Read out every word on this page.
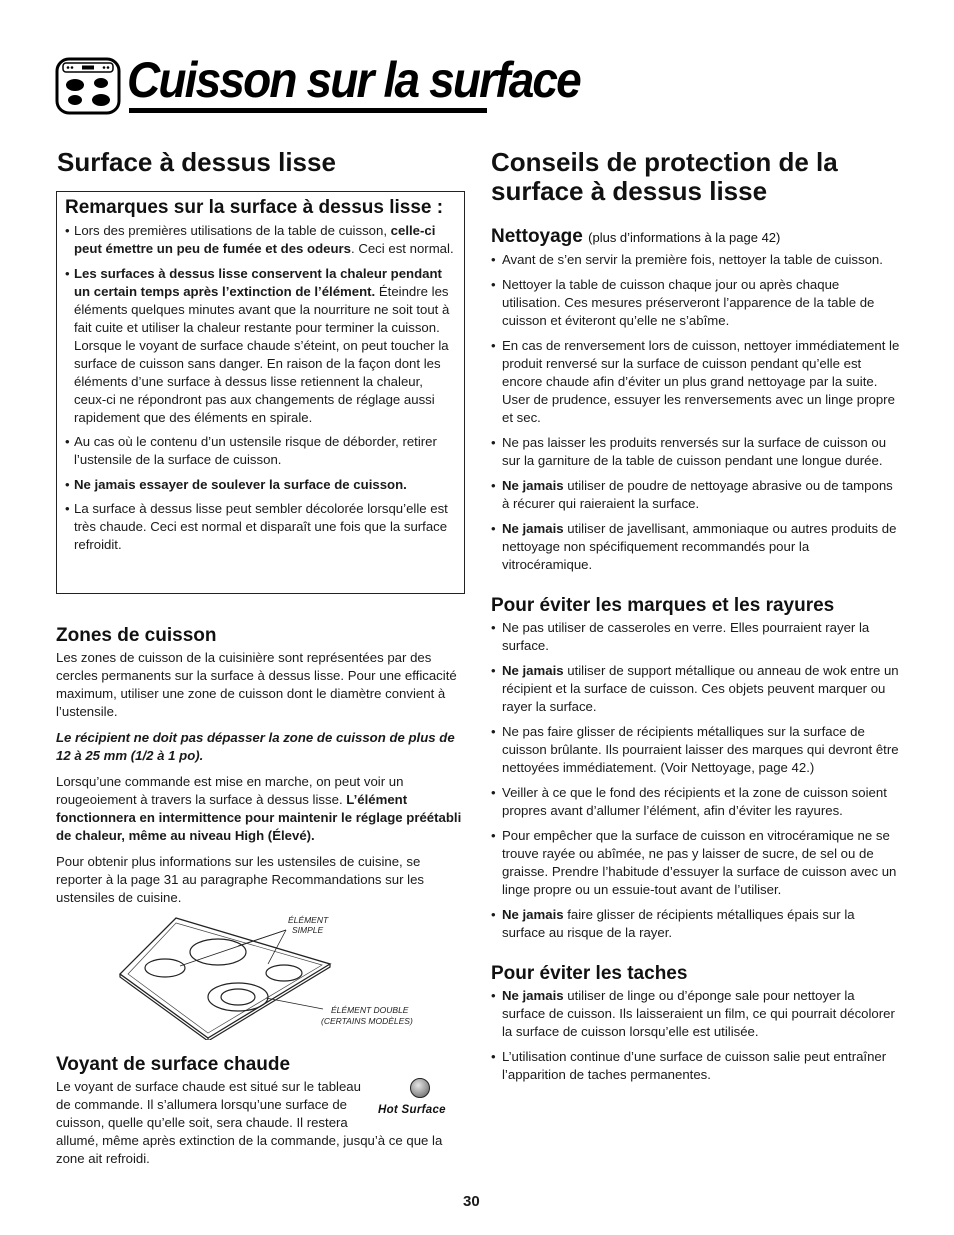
Cuisson sur la surface
Surface à dessus lisse
Remarques sur la surface à dessus lisse :
• Lors des premières utilisations de la table de cuisson, celle-ci peut émettre un peu de fumée et des odeurs. Ceci est normal.
• Les surfaces à dessus lisse conservent la chaleur pendant un certain temps après l’extinction de l’élément. Éteindre les éléments quelques minutes avant que la nourriture ne soit tout à fait cuite et utiliser la chaleur restante pour terminer la cuisson. Lorsque le voyant de surface chaude s’éteint, on peut toucher la surface de cuisson sans danger. En raison de la façon dont les éléments d’une surface à dessus lisse retiennent la chaleur, ceux-ci ne répondront pas aux changements de réglage aussi rapidement que des éléments en spirale.
• Au cas où le contenu d’un ustensile risque de déborder, retirer l’ustensile de la surface de cuisson.
• Ne jamais essayer de soulever la surface de cuisson.
• La surface à dessus lisse peut sembler décolorée lorsqu’elle est très chaude. Ceci est normal et disparaît une fois que la surface refroidit.
Zones de cuisson

Les zones de cuisson de la cuisinière sont représentées par des cercles permanents sur la surface à dessus lisse. Pour une efficacité maximum, utiliser une zone de cuisson dont le diamètre convient à l’ustensile.

Le récipient ne doit pas dépasser la zone de cuisson de plus de 12 à 25 mm (1/2 à 1 po).

Lorsqu’une commande est mise en marche, on peut voir un rougeoiement à travers la surface à dessus lisse. L’élément fonctionnera en intermittence pour maintenir le réglage préétabli de chaleur, même au niveau High (Élevé).

Pour obtenir plus informations sur les ustensiles de cuisine, se reporter à la page 31 au paragraphe Recommandations sur les ustensiles de cuisine.

ÉLÉMENT
SIMPLE
ÉLÉMENT DOUBLE
(CERTAINS MODÈLES)
Voyant de surface chaude

Le voyant de surface chaude est situé sur le tableau

de commande. Il s’allumera lorsqu’une surface de

cuisson, quelle qu’elle soit, sera chaude. Il restera

allumé, même après extinction de la commande, jusqu’à ce que la zone ait refroidi.

Hot Surface
Conseils de protection de la surface à dessus lisse
Nettoyage (plus d’informations à la page 42)
• Avant de s’en servir la première fois, nettoyer la table de cuisson.
• Nettoyer la table de cuisson chaque jour ou après chaque utilisation. Ces mesures préserveront l’apparence de la table de cuisson et éviteront qu’elle ne s’abîme.
• En cas de renversement lors de cuisson, nettoyer immédiatement le produit renversé sur la surface de cuisson pendant qu’elle est encore chaude afin d’éviter un plus grand nettoyage par la suite. User de prudence, essuyer les renversements avec un linge propre et sec.
• Ne pas laisser les produits renversés sur la surface de cuisson ou sur la garniture de la table de cuisson pendant une longue durée.
• Ne jamais utiliser de poudre de nettoyage abrasive ou de tampons à récurer qui raieraient la surface.
• Ne jamais utiliser de javellisant, ammoniaque ou autres produits de nettoyage non spécifiquement recommandés pour la vitrocéramique.
Pour éviter les marques et les rayures
• Ne pas utiliser de casseroles en verre. Elles pourraient rayer la surface.
• Ne jamais utiliser de support métallique ou anneau de wok entre un récipient et la surface de cuisson. Ces objets peuvent marquer ou rayer la surface.
• Ne pas faire glisser de récipients métalliques sur la surface de cuisson brûlante. Ils pourraient laisser des marques qui devront être nettoyées immédiatement. (Voir Nettoyage, page 42.)
• Veiller à ce que le fond des récipients et la zone de cuisson soient propres avant d’allumer l’élément, afin d’éviter les rayures.
• Pour empêcher que la surface de cuisson en vitrocéramique ne se trouve rayée ou abîmée, ne pas y laisser de sucre, de sel ou de graisse. Prendre l’habitude d’essuyer la surface de cuisson avec un linge propre ou un essuie-tout avant de l’utiliser.
• Ne jamais faire glisser de récipients métalliques épais sur la surface au risque de la rayer.
Pour éviter les taches
• Ne jamais utiliser de linge ou d’éponge sale pour nettoyer la surface de cuisson. Ils laisseraient un film, ce qui pourrait décolorer la surface de cuisson lorsqu’elle est utilisée.
• L’utilisation continue d’une surface de cuisson salie peut entraîner l’apparition de taches permanentes.
30
